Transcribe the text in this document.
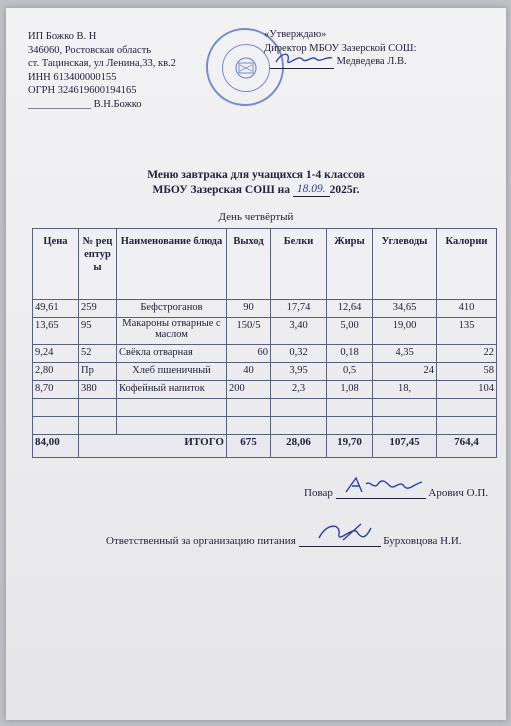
ИП Божко В. Н
346060, Ростовская область
ст. Тацинская, ул Ленина,33, кв.2
ИНН 613400000155
ОГРН 324619600194165
____________ В.Н.Божко
«Утверждаю»
Директор МБОУ Зазерской СОШ:
Медведева Л.В.
Меню завтрака для учащихся 1-4 классов
МБОУ Зазерская СОШ на 18.09. 2025г.
День четвёртый
Цена	№ рецептуры	Наименование блюда	Выход	Белки	Жиры	Углеводы	Калории
49,61	259	Бефстроганов	90	17,74	12,64	34,65	410
13,65	95	Макароны отварные с маслом	150/5	3,40	5,00	19,00	135
9,24	52	Свёкла отварная	60	0,32	0,18	4,35	22
2,80	Пр	Хлеб пшеничный	40	3,95	0,5	24	58
8,70	380	Кофейный напиток	200	2,3	1,08	18,	104

84,00		ИТОГО	675	28,06	19,70	107,45	764,4
Повар	Арович О.П.
Ответственный за организацию питания	Бурховцова Н.И.
